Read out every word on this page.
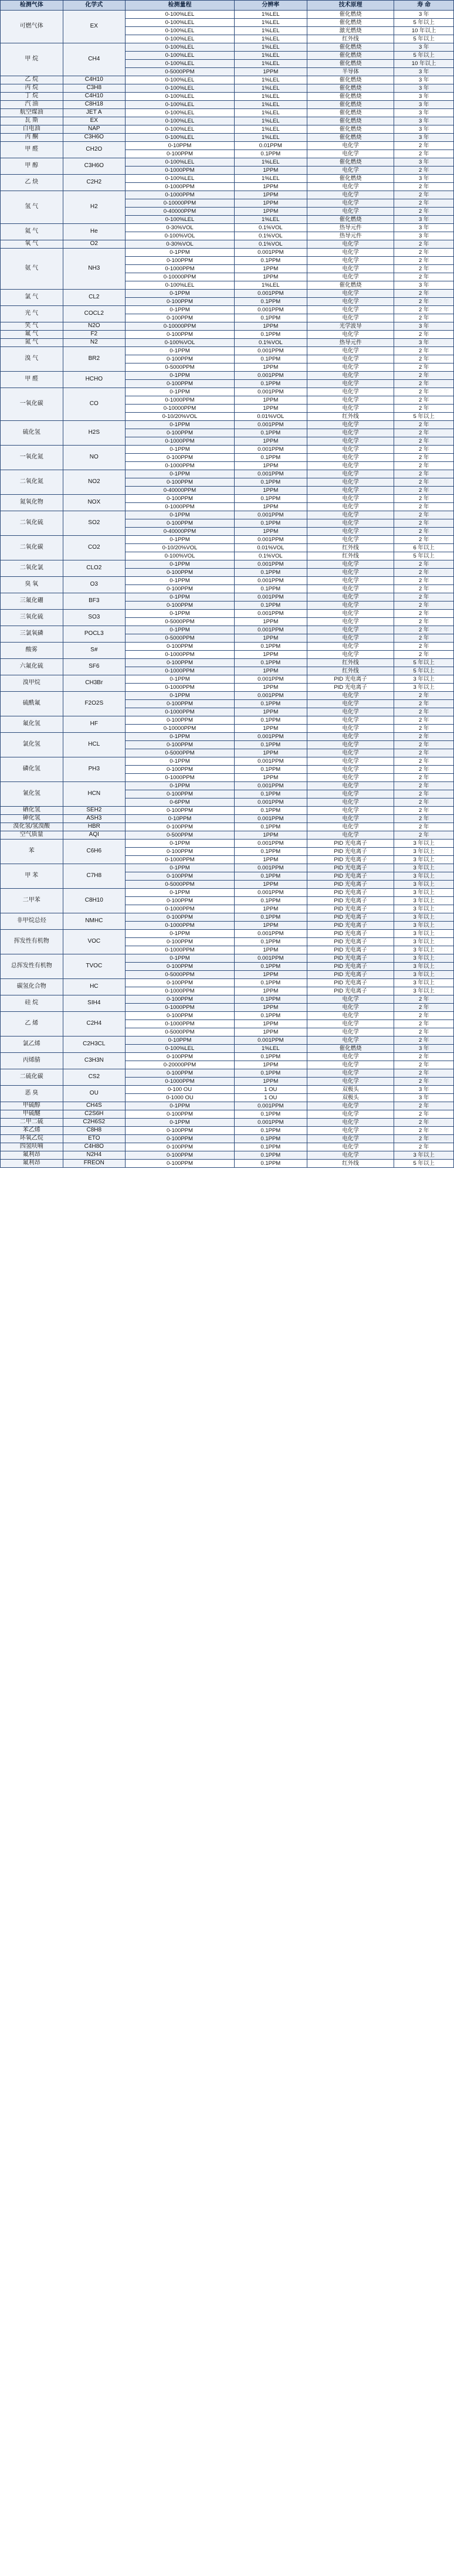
检测气体	化学式	检测量程	分辨率	技术原理	寿 命
可燃气体	EX	0-100%LEL	1%LEL	催化燃烧	3 年
		0-100%LEL	1%LEL	催化燃烧	5 年以上
		0-100%LEL	1%LEL	激光燃烧	10 年以上
		0-100%LEL	1%LEL	红外线	5 年以上
甲 烷	CH4	0-100%LEL	1%LEL	催化燃烧	3 年
		0-100%LEL	1%LEL	催化燃烧	5 年以上
		0-100%LEL	1%LEL	催化燃烧	10 年以上
		0-5000PPM	1PPM	半导体	3 年
乙 烷	C4H10	0-100%LEL	1%LEL	催化燃烧	3 年
丙 烷	C3H8	0-100%LEL	1%LEL	催化燃烧	3 年
丁 烷	C4H10	0-100%LEL	1%LEL	催化燃烧	3 年
汽 油	C8H18	0-100%LEL	1%LEL	催化燃烧	3 年
航空煤油	JET A	0-100%LEL	1%LEL	催化燃烧	3 年
瓦 斯	EX	0-100%LEL	1%LEL	催化燃烧	3 年
白电油	NAP	0-100%LEL	1%LEL	催化燃烧	3 年
丙 酮	C3H6O	0-100%LEL	1%LEL	催化燃烧	3 年
甲 醛	CH2O	0-10PPM	0.01PPM	电化学	2 年
		0-100PPM	0.1PPM	电化学	2 年
甲 醇	C3H6O	0-100%LEL	1%LEL	催化燃烧	3 年
		0-1000PPM	1PPM	电化学	2 年
乙 炔	C2H2	0-100%LEL	1%LEL	催化燃烧	3 年
		0-1000PPM	1PPM	电化学	2 年
氢 气	H2	0-1000PPM	1PPM	电化学	2 年
		0-10000PPM	1PPM	电化学	2 年
		0-40000PPM	1PPM	电化学	2 年
		0-100%LEL	1%LEL	催化燃烧	3 年
氦 气	He	0-30%VOL	0.1%VOL	热导元件	3 年
		0-100%VOL	0.1%VOL	热导元件	3 年
氧 气	O2	0-30%VOL	0.1%VOL	电化学	2 年
氨 气	NH3	0-1PPM	0.001PPM	电化学	2 年
		0-100PPM	0.1PPM	电化学	2 年
		0-1000PPM	1PPM	电化学	2 年
		0-10000PPM	1PPM	电化学	2 年
		0-100%LEL	1%LEL	催化燃烧	3 年
氯 气	CL2	0-1PPM	0.001PPM	电化学	2 年
		0-100PPM	0.1PPM	电化学	2 年
光 气	COCL2	0-1PPM	0.001PPM	电化学	2 年
		0-100PPM	0.1PPM	电化学	2 年
笑 气	N2O	0-10000PPM	1PPM	光学波导	3 年
氟 气	F2	0-100PPM	0.1PPM	电化学	2 年
氮 气	N2	0-100%VOL	0.1%VOL	热导元件	3 年
溴 气	BR2	0-1PPM	0.001PPM	电化学	2 年
		0-100PPM	0.1PPM	电化学	2 年
		0-5000PPM	1PPM	电化学	2 年
甲 醛	HCHO	0-1PPM	0.001PPM	电化学	2 年
		0-100PPM	0.1PPM	电化学	2 年
一氧化碳	CO	0-1PPM	0.001PPM	电化学	2 年
		0-1000PPM	1PPM	电化学	2 年
		0-10000PPM	1PPM	电化学	2 年
		0-10/20%VOL	0.01%VOL	红外线	5 年以上
硫化氢	H2S	0-1PPM	0.001PPM	电化学	2 年
		0-100PPM	0.1PPM	电化学	2 年
		0-1000PPM	1PPM	电化学	2 年
一氧化氮	NO	0-1PPM	0.001PPM	电化学	2 年
		0-100PPM	0.1PPM	电化学	2 年
		0-1000PPM	1PPM	电化学	2 年
二氧化氮	NO2	0-1PPM	0.001PPM	电化学	2 年
		0-100PPM	0.1PPM	电化学	2 年
		0-40000PPM	1PPM	电化学	2 年
氮氧化物	NOX	0-100PPM	0.1PPM	电化学	2 年
		0-1000PPM	1PPM	电化学	2 年
二氧化硫	SO2	0-1PPM	0.001PPM	电化学	2 年
		0-100PPM	0.1PPM	电化学	2 年
		0-40000PPM	1PPM	电化学	2 年
二氧化碳	CO2	0-1PPM	0.001PPM	电化学	2 年
		0-10/20%VOL	0.01%VOL	红外线	6 年以上
		0-100%VOL	0.1%VOL	红外线	5 年以上
二氧化氯	CLO2	0-1PPM	0.001PPM	电化学	2 年
		0-100PPM	0.1PPM	电化学	2 年
臭 氧	O3	0-1PPM	0.001PPM	电化学	2 年
		0-100PPM	0.1PPM	电化学	2 年
三氟化硼	BF3	0-1PPM	0.001PPM	电化学	2 年
		0-100PPM	0.1PPM	电化学	2 年
三氧化硫	SO3	0-1PPM	0.001PPM	电化学	2 年
		0-5000PPM	1PPM	电化学	2 年
三氯氧磷	POCL3	0-1PPM	0.001PPM	电化学	2 年
		0-5000PPM	1PPM	电化学	2 年
酸雾	S#	0-100PPM	0.1PPM	电化学	2 年
		0-1000PPM	1PPM	电化学	2 年
六氟化硫	SF6	0-100PPM	0.1PPM	红外线	5 年以上
		0-1000PPM	1PPM	红外线	5 年以上
溴甲烷	CH3Br	0-1PPM	0.001PPM	PID 光电离子	3 年以上
		0-1000PPM	1PPM	PID 光电离子	3 年以上
硫酰氟	F2O2S	0-1PPM	0.001PPM	电化学	2 年
		0-100PPM	0.1PPM	电化学	2 年
		0-1000PPM	1PPM	电化学	2 年
氟化氢	HF	0-100PPM	0.1PPM	电化学	2 年
		0-10000PPM	1PPM	电化学	2 年
氯化氢	HCL	0-1PPM	0.001PPM	电化学	2 年
		0-100PPM	0.1PPM	电化学	2 年
		0-5000PPM	1PPM	电化学	2 年
磷化氢	PH3	0-1PPM	0.001PPM	电化学	2 年
		0-100PPM	0.1PPM	电化学	2 年
		0-1000PPM	1PPM	电化学	2 年
氰化氢	HCN	0-1PPM	0.001PPM	电化学	2 年
		0-100PPM	0.1PPM	电化学	2 年
		0-6PPM	0.001PPM	电化学	2 年
硒化氢	SEH2	0-100PPM	0.1PPM	电化学	2 年
砷化氢	ASH3	0-10PPM	0.001PPM	电化学	2 年
溴化氢/氢溴酸	HBR	0-100PPM	0.1PPM	电化学	2 年
空气质量	AQI	0-500PPM	1PPM	电化学	2 年
苯	C6H6	0-1PPM	0.001PPM	PID 光电离子	3 年以上
		0-100PPM	0.1PPM	PID 光电离子	3 年以上
		0-1000PPM	1PPM	PID 光电离子	3 年以上
甲 苯	C7H8	0-1PPM	0.001PPM	PID 光电离子	3 年以上
		0-100PPM	0.1PPM	PID 光电离子	3 年以上
		0-5000PPM	1PPM	PID 光电离子	3 年以上
二甲苯	C8H10	0-1PPM	0.001PPM	PID 光电离子	3 年以上
		0-100PPM	0.1PPM	PID 光电离子	3 年以上
		0-1000PPM	1PPM	PID 光电离子	3 年以上
非甲烷总烃	NMHC	0-100PPM	0.1PPM	PID 光电离子	3 年以上
		0-1000PPM	1PPM	PID 光电离子	3 年以上
挥发性有机物	VOC	0-1PPM	0.001PPM	PID 光电离子	3 年以上
		0-100PPM	0.1PPM	PID 光电离子	3 年以上
		0-1000PPM	1PPM	PID 光电离子	3 年以上
总挥发性有机物	TVOC	0-1PPM	0.001PPM	PID 光电离子	3 年以上
		0-100PPM	0.1PPM	PID 光电离子	3 年以上
		0-5000PPM	1PPM	PID 光电离子	3 年以上
碳氢化合物	HC	0-100PPM	0.1PPM	PID 光电离子	3 年以上
		0-1000PPM	1PPM	PID 光电离子	3 年以上
硅 烷	SIH4	0-100PPM	0.1PPM	电化学	2 年
		0-1000PPM	1PPM	电化学	2 年
乙 烯	C2H4	0-100PPM	0.1PPM	电化学	2 年
		0-1000PPM	1PPM	电化学	2 年
		0-5000PPM	1PPM	电化学	2 年
氯乙烯	C2H3CL	0-10PPM	0.001PPM	电化学	2 年
		0-100%LEL	1%LEL	催化燃烧	3 年
丙烯腈	C3H3N	0-100PPM	0.1PPM	电化学	2 年
		0-20000PPM	1PPM	电化学	2 年
二硫化碳	CS2	0-100PPM	0.1PPM	电化学	2 年
		0-1000PPM	1PPM	电化学	2 年
恶 臭	OU	0-100 OU	1 OU	双极头	3 年
		0-1000 OU	1 OU	双极头	3 年
甲硫醇	CH4S	0-1PPM	0.001PPM	电化学	2 年
甲硫醚	C2S6H	0-100PPM	0.1PPM	电化学	2 年
二甲二硫	C2H6S2	0-1PPM	0.001PPM	电化学	2 年
苯乙烯	C8H8	0-100PPM	0.1PPM	电化学	2 年
环氧乙烷	ETO	0-100PPM	0.1PPM	电化学	2 年
四氢呋喃	C4H8O	0-100PPM	0.1PPM	电化学	2 年
氟利昂	N2H4	0-100PPM	0.1PPM	电化学	3 年以上
氟利昂	FREON	0-100PPM	0.1PPM	红外线	5 年以上
